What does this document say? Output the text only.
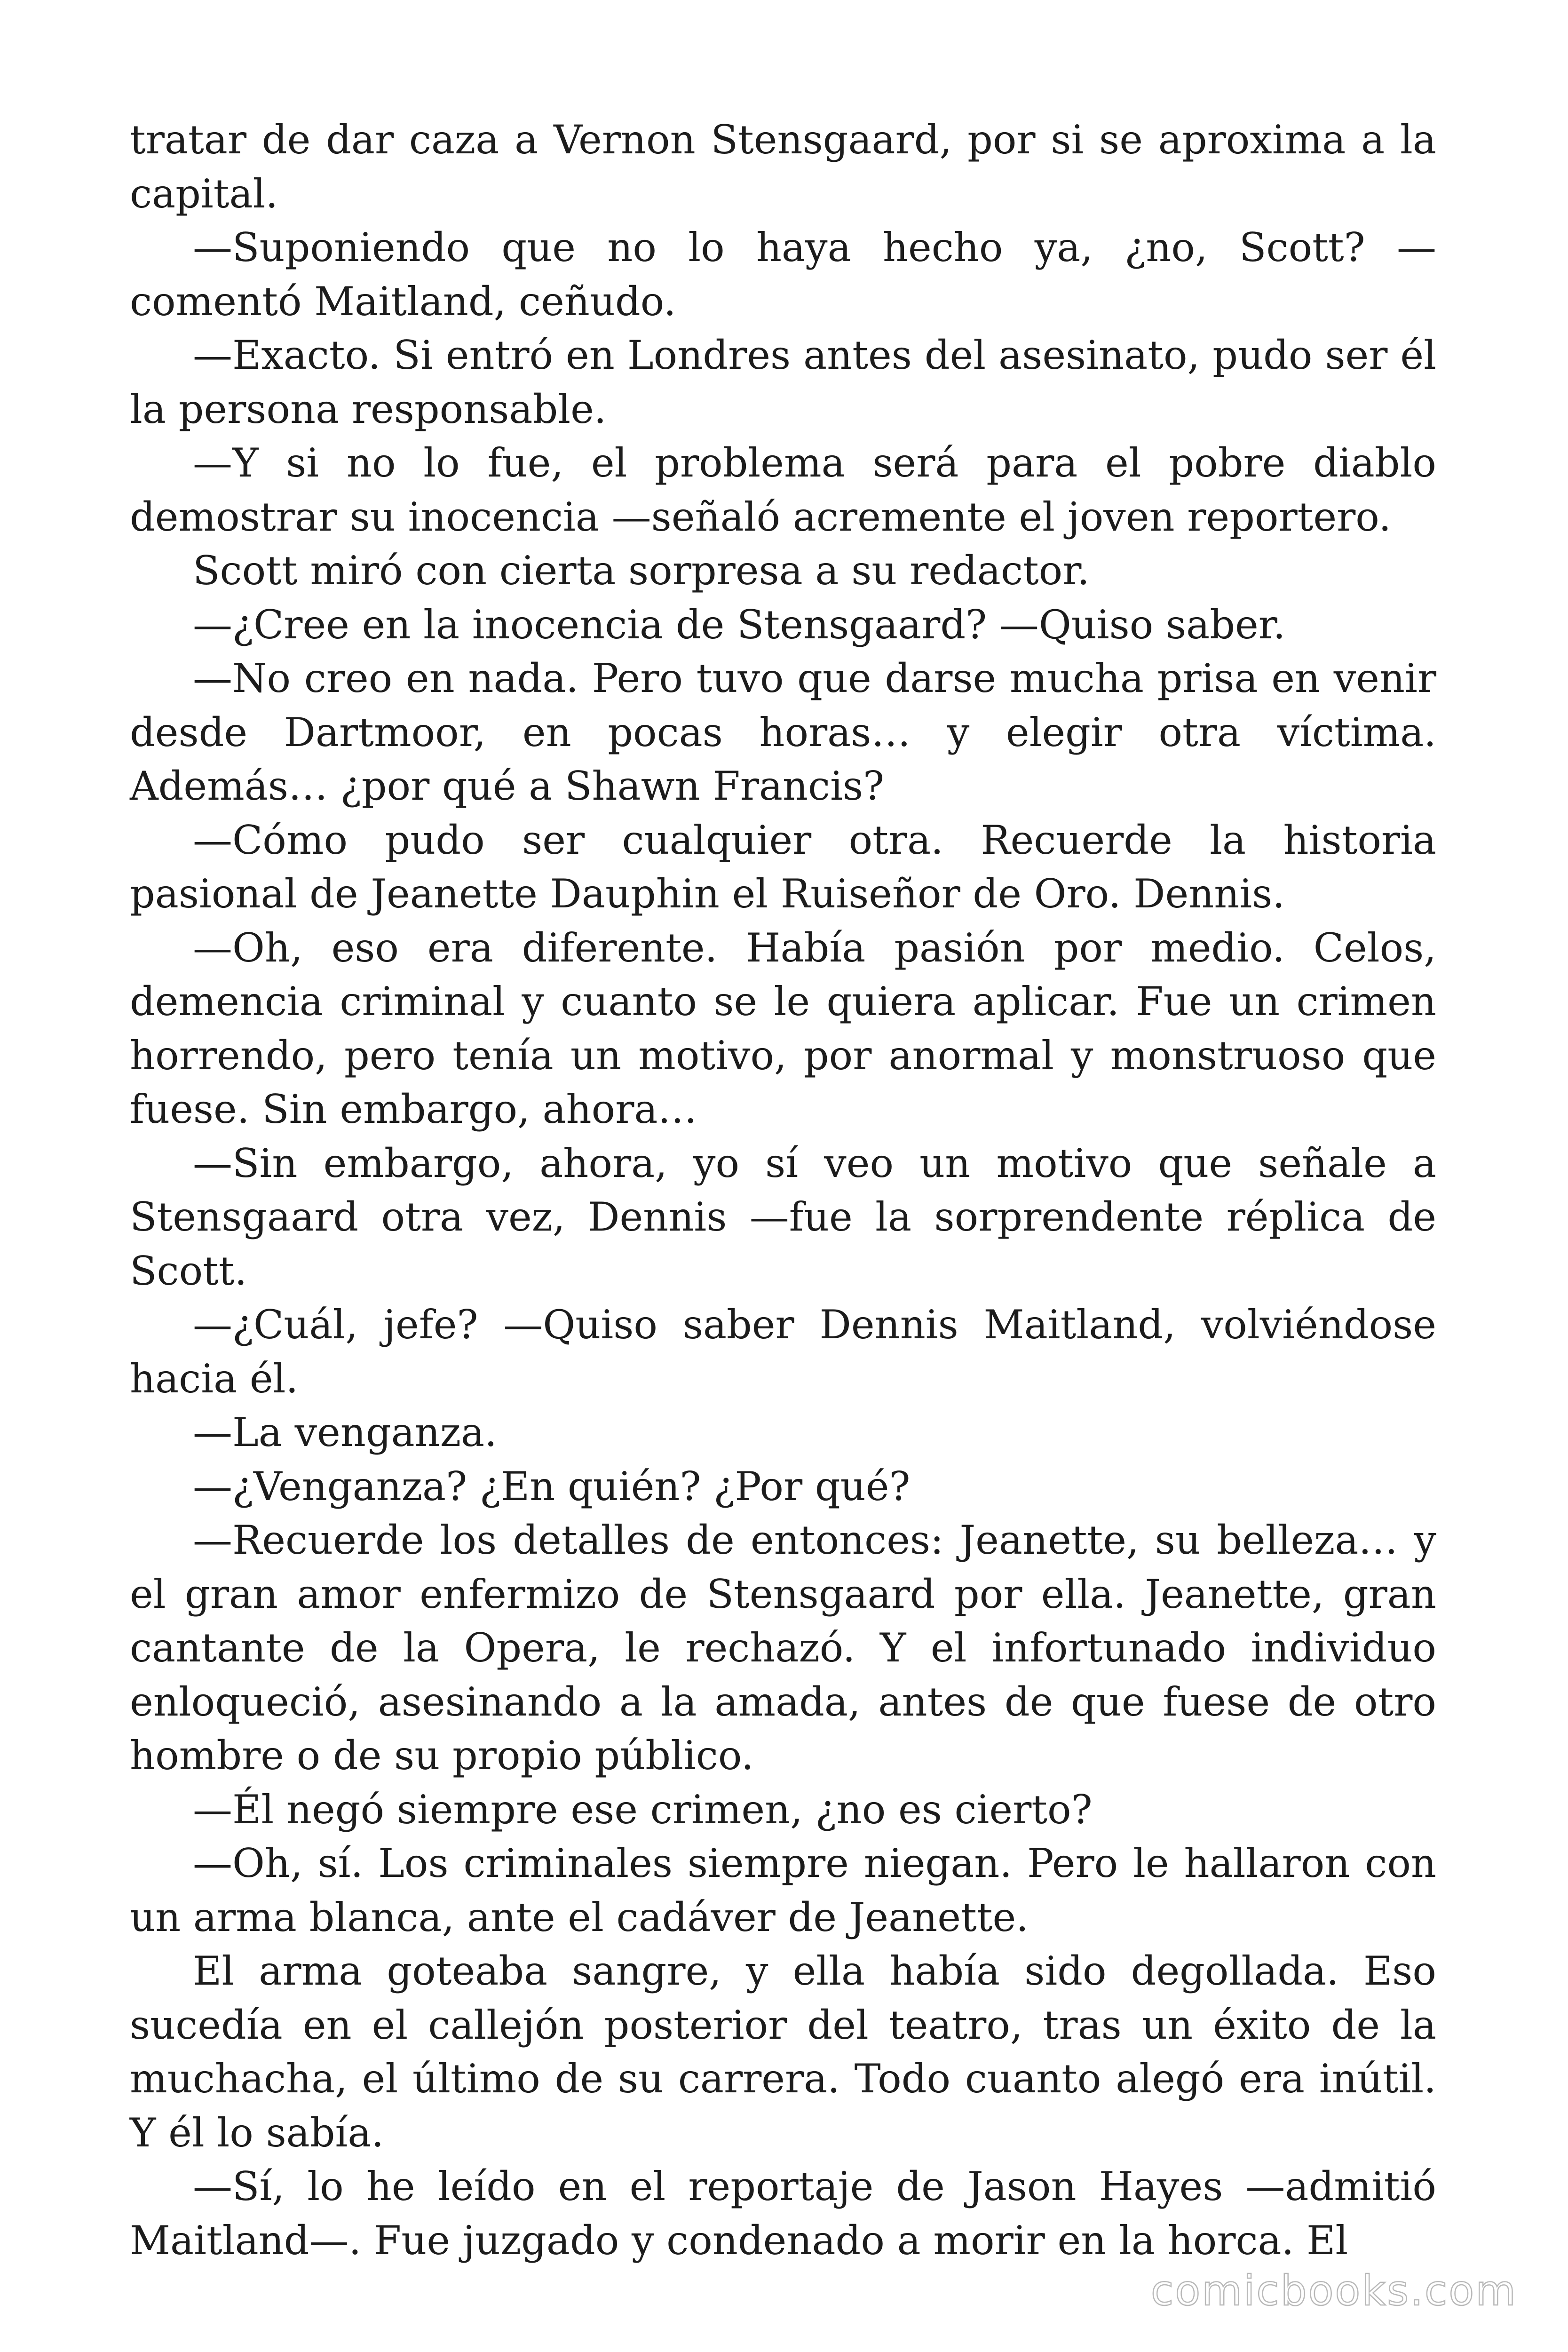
tratar de dar caza a Vernon Stensgaard, por si se aproxima a la capital.

—Suponiendo que no lo haya hecho ya, ¿no, Scott? —comentó Maitland, ceñudo.

—Exacto. Si entró en Londres antes del asesinato, pudo ser él la persona responsable.

—Y si no lo fue, el problema será para el pobre diablo demostrar su inocencia —señaló acremente el joven reportero.

Scott miró con cierta sorpresa a su redactor.

—¿Cree en la inocencia de Stensgaard? —Quiso saber.

—No creo en nada. Pero tuvo que darse mucha prisa en venir desde Dartmoor, en pocas horas… y elegir otra víctima. Además… ¿por qué a Shawn Francis?

—Cómo pudo ser cualquier otra. Recuerde la historia pasional de Jeanette Dauphin el Ruiseñor de Oro. Dennis.

—Oh, eso era diferente. Había pasión por medio. Celos, demencia criminal y cuanto se le quiera aplicar. Fue un crimen horrendo, pero tenía un motivo, por anormal y monstruoso que fuese. Sin embargo, ahora…

—Sin embargo, ahora, yo sí veo un motivo que señale a Stensgaard otra vez, Dennis —fue la sorprendente réplica de Scott.

—¿Cuál, jefe? —Quiso saber Dennis Maitland, volviéndose hacia él.

—La venganza.

—¿Venganza? ¿En quién? ¿Por qué?

—Recuerde los detalles de entonces: Jeanette, su belleza… y el gran amor enfermizo de Stensgaard por ella. Jeanette, gran cantante de la Opera, le rechazó. Y el infortunado individuo enloqueció, asesinando a la amada, antes de que fuese de otro hombre o de su propio público.

—Él negó siempre ese crimen, ¿no es cierto?

—Oh, sí. Los criminales siempre niegan. Pero le hallaron con un arma blanca, ante el cadáver de Jeanette.

El arma goteaba sangre, y ella había sido degollada. Eso sucedía en el callejón posterior del teatro, tras un éxito de la muchacha, el último de su carrera. Todo cuanto alegó era inútil. Y él lo sabía.

—Sí, lo he leído en el reportaje de Jason Hayes —admitió Maitland—. Fue juzgado y condenado a morir en la horca. El

comicbooks.com
